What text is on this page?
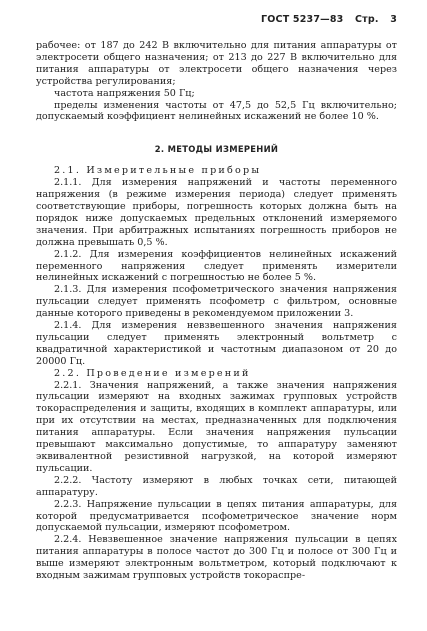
ГОСТ 5237—83 Стр. 3

рабочее: от 187 до 242 В включительно для питания аппаратуры от электросети общего назначения; от 213 до 227 В включительно для питания аппаратуры от электросети общего назначения через устройства регулирования;

частота напряжения 50 Гц;

пределы изменения частоты от 47,5 до 52,5 Гц включительно; допускаемый коэффициент нелинейных искажений не более 10 %.

2. МЕТОДЫ ИЗМЕРЕНИЙ

2.1. Измерительные приборы

2.1.1. Для измерения напряжений и частоты переменного напряжения (в режиме измерения периода) следует применять соответствующие приборы, погрешность которых должна быть на порядок ниже допускаемых предельных отклонений измеряемого значения. При арбитражных испытаниях погрешность приборов не должна превышать 0,5 %.

2.1.2. Для измерения коэффициентов нелинейных искажений переменного напряжения следует применять измерители нелинейных искажений с погрешностью не более 5 %.

2.1.3. Для измерения псофометрического значения напряжения пульсации следует применять псофометр с фильтром, основные данные которого приведены в рекомендуемом приложении 3.

2.1.4. Для измерения невзвешенного значения напряжения пульсации следует применять электронный вольтметр с квадратичной характеристикой и частотным диапазоном от 20 до 20000 Гц.

2.2. Проведение измерений

2.2.1. Значения напряжений, а также значения напряжения пульсации измеряют на входных зажимах групповых устройств токораспределения и защиты, входящих в комплект аппаратуры, или при их отсутствии на местах, предназначенных для подключения питания аппаратуры. Если значения напряжения пульсации превышают максимально допустимые, то аппаратуру заменяют эквивалентной резистивной нагрузкой, на которой измеряют пульсации.

2.2.2. Частоту измеряют в любых точках сети, питающей аппаратуру.

2.2.3. Напряжение пульсации в цепях питания аппаратуры, для которой предусматривается псофометрическое значение норм допускаемой пульсации, измеряют псофометром.

2.2.4. Невзвешенное значение напряжения пульсации в цепях питания аппаратуры в полосе частот до 300 Гц и полосе от 300 Гц и выше измеряют электронным вольтметром, который подключают к входным зажимам групповых устройств токораспре-
